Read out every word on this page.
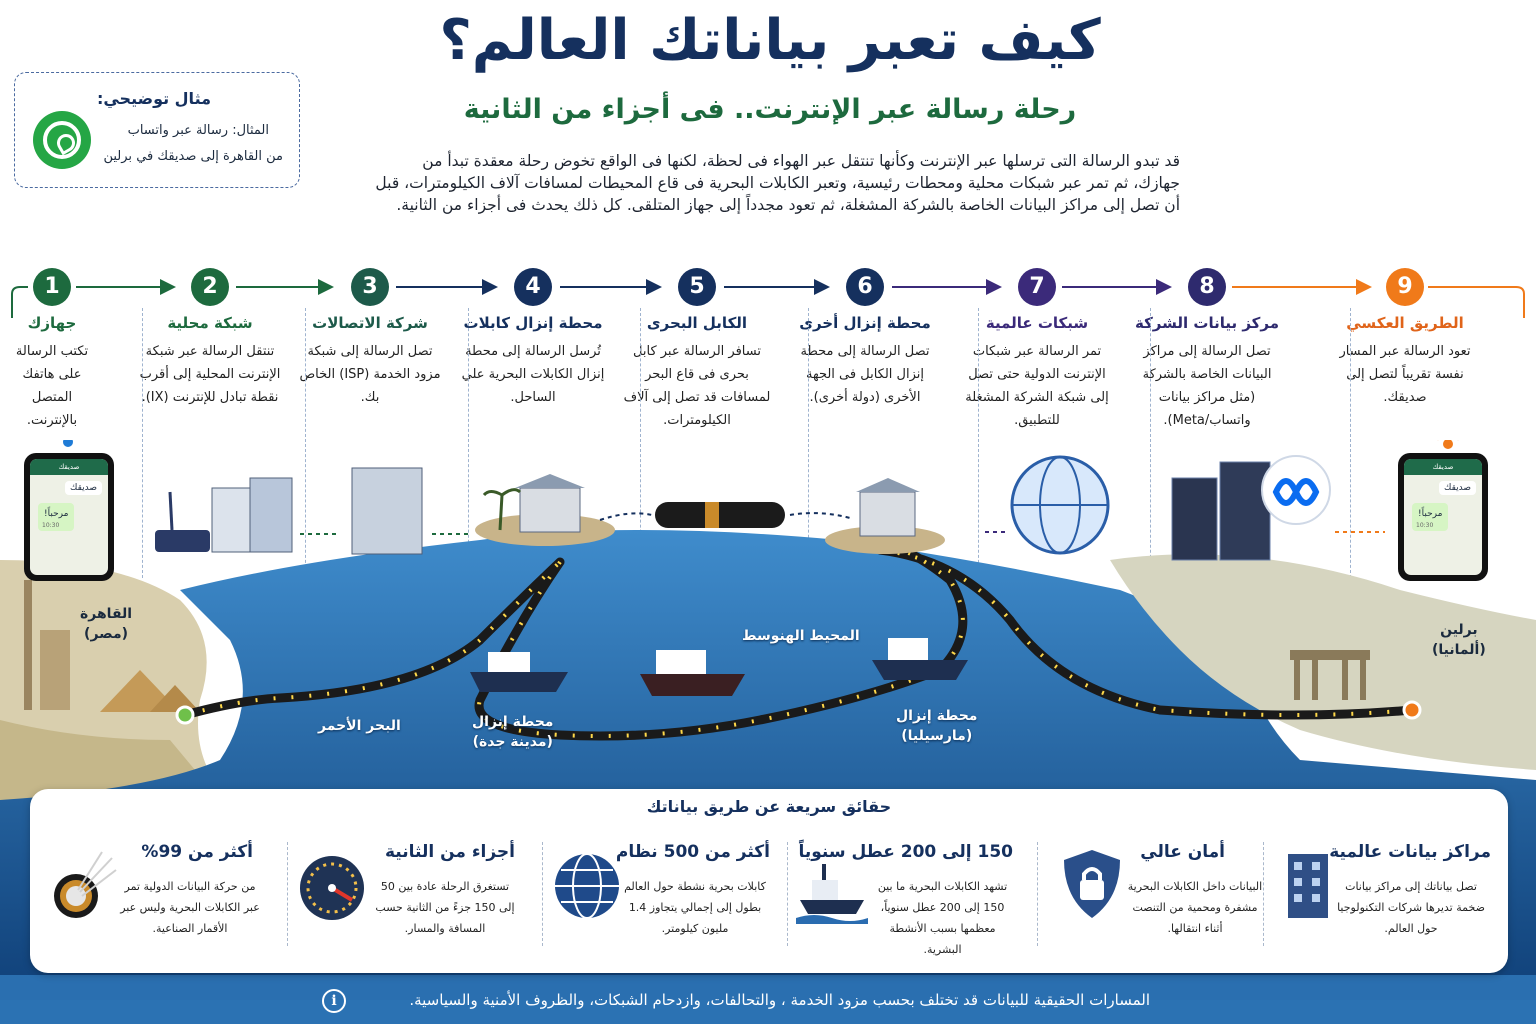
كيف تعبر بياناتك العالم؟
رحلة رسالة عبر الإنترنت.. فى أجزاء من الثانية
قد تبدو الرسالة التى ترسلها عبر الإنترنت وكأنها تنتقل عبر الهواء فى لحظة، لكنها فى الواقع تخوض رحلة معقدة تبدأ من جهازك، ثم تمر عبر شبكات محلية ومحطات رئيسية، وتعبر الكابلات البحرية فى قاع المحيطات لمسافات آلاف الكيلومترات، قبل أن تصل إلى مراكز البيانات الخاصة بالشركة المشغلة، ثم تعود مجدداً إلى جهاز المتلقى. كل ذلك يحدث فى أجزاء من الثانية.
مثال توضيحي:
المثال: رسالة عبر واتساب
من القاهرة إلى صديقك في برلين
1
جهازك
تكتب الرسالة على هاتفك المتصل بالإنترنت.
2
شبكة محلية
تنتقل الرسالة عبر شبكة الإنترنت المحلية إلى أقرب نقطة تبادل للإنترنت (IX).
3
شركة الاتصالات
تصل الرسالة إلى شبكة مزود الخدمة (ISP) الخاص بك.
4
محطة إنزال كابلات
تُرسل الرسالة إلى محطة إنزال الكابلات البحرية علي الساحل.
5
الكابل البحرى
تسافر الرسالة عبر كابل بحرى فى قاع البحر لمسافات قد تصل إلى آلاف الكيلومترات.
6
محطة إنزال أخرى
تصل الرسالة إلى محطة إنزال الكابل فى الجهة الأخرى (دولة أخرى).
7
شبكات عالمية
تمر الرسالة عبر شبكات الإنترنت الدولية حتى تصل إلى شبكة الشركة المشغلة للتطبيق.
8
مركز بيانات الشركة
تصل الرسالة إلى مراكز البيانات الخاصة بالشركة (مثل مراكز بيانات واتساب/Meta).
9
الطريق العكسي
تعود الرسالة عبر المسار نفسة تقريباً لتصل إلى صديقك.
صديقك
صديقك
مرحباً!
10:30
صديقك
صديقك
مرحباً!
10:30
القاهرة
(مصر)	برلين
(ألمانيا)
البحر الأحمر
المحيط الهنوسط
محطة إنزال
(مدينة جدة)
محطة إنزال
(مارسيليا)
حقائق سريعة عن طريق بياناتك
مراكز بيانات عالمية
تصل بياناتك إلى مراكز بيانات ضخمة تديرها شركات التكنولوجيا حول العالم.
أمان عالي
البيانات داخل الكابلات البحرية مشفرة ومحمية من التنصت أثناء انتقالها.
150 إلى 200 عطل سنوياً
تشهد الكابلات البحرية ما بين 150 إلى 200 عطل سنوياً، معظمها بسبب الأنشطة البشرية.
أكثر من 500 نظام
كابلات بحرية نشطة حول العالم بطول إلى إجمالي يتجاوز 1.4 مليون كيلومتر.
أجزاء من الثانية
تستغرق الرحلة عادة بين 50 إلى 150 جزءً من الثانية حسب المسافة والمسار.
أكثر من 99%
من حركة البيانات الدولية تمر عبر الكابلات البحرية وليس عبر الأقمار الصناعية.
المسارات الحقيقية للبيانات قد تختلف بحسب مزود الخدمة ، والتحالفات، وازدحام الشبكات، والظروف الأمنية والسياسية.
i
